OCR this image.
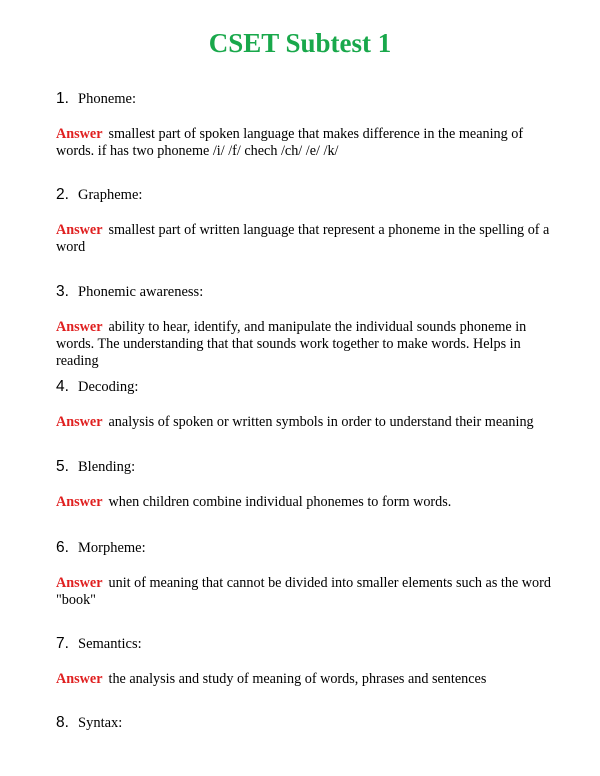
CSET Subtest 1
1. Phoneme:
Answer smallest part of spoken language that makes difference in the meaning of words. if has two phoneme /i/ /f/ chech /ch/ /e/ /k/
2. Grapheme:
Answer smallest part of written language that represent a phoneme in the spelling of a word
3. Phonemic awareness:
Answer ability to hear, identify, and manipulate the individual sounds phoneme in words. The understanding that that sounds work together to make words. Helps in reading
4. Decoding:
Answer analysis of spoken or written symbols in order to understand their meaning
5. Blending:
Answer when children combine individual phonemes to form words.
6. Morpheme:
Answer unit of meaning that cannot be divided into smaller elements such as the word "book"
7. Semantics:
Answer the analysis and study of meaning of words, phrases and sentences
8. Syntax:
